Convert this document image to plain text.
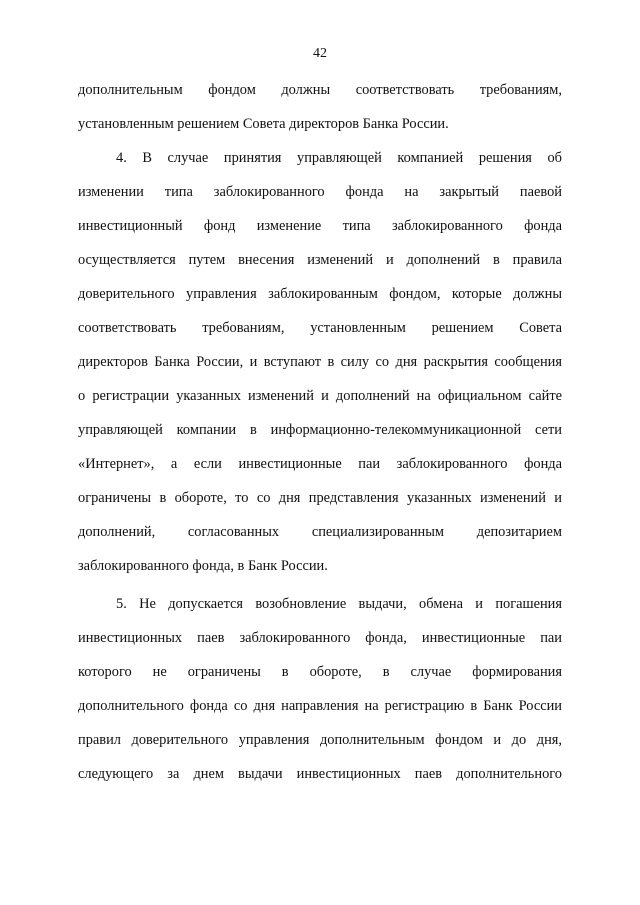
42
дополнительным фондом должны соответствовать требованиям,
установленным решением Совета директоров Банка России.
4. В случае принятия управляющей компанией решения об
изменении типа заблокированного фонда на закрытый паевой
инвестиционный фонд изменение типа заблокированного фонда
осуществляется путем внесения изменений и дополнений в правила
доверительного управления заблокированным фондом, которые должны
соответствовать требованиям, установленным решением Совета
директоров Банка России, и вступают в силу со дня раскрытия сообщения
о регистрации указанных изменений и дополнений на официальном сайте
управляющей компании в информационно-телекоммуникационной сети
«Интернет», а если инвестиционные паи заблокированного фонда
ограничены в обороте, то со дня представления указанных изменений и
дополнений, согласованных специализированным депозитарием
заблокированного фонда, в Банк России.
5. Не допускается возобновление выдачи, обмена и погашения
инвестиционных паев заблокированного фонда, инвестиционные паи
которого не ограничены в обороте, в случае формирования
дополнительного фонда со дня направления на регистрацию в Банк России
правил доверительного управления дополнительным фондом и до дня,
следующего за днем выдачи инвестиционных паев дополнительного
